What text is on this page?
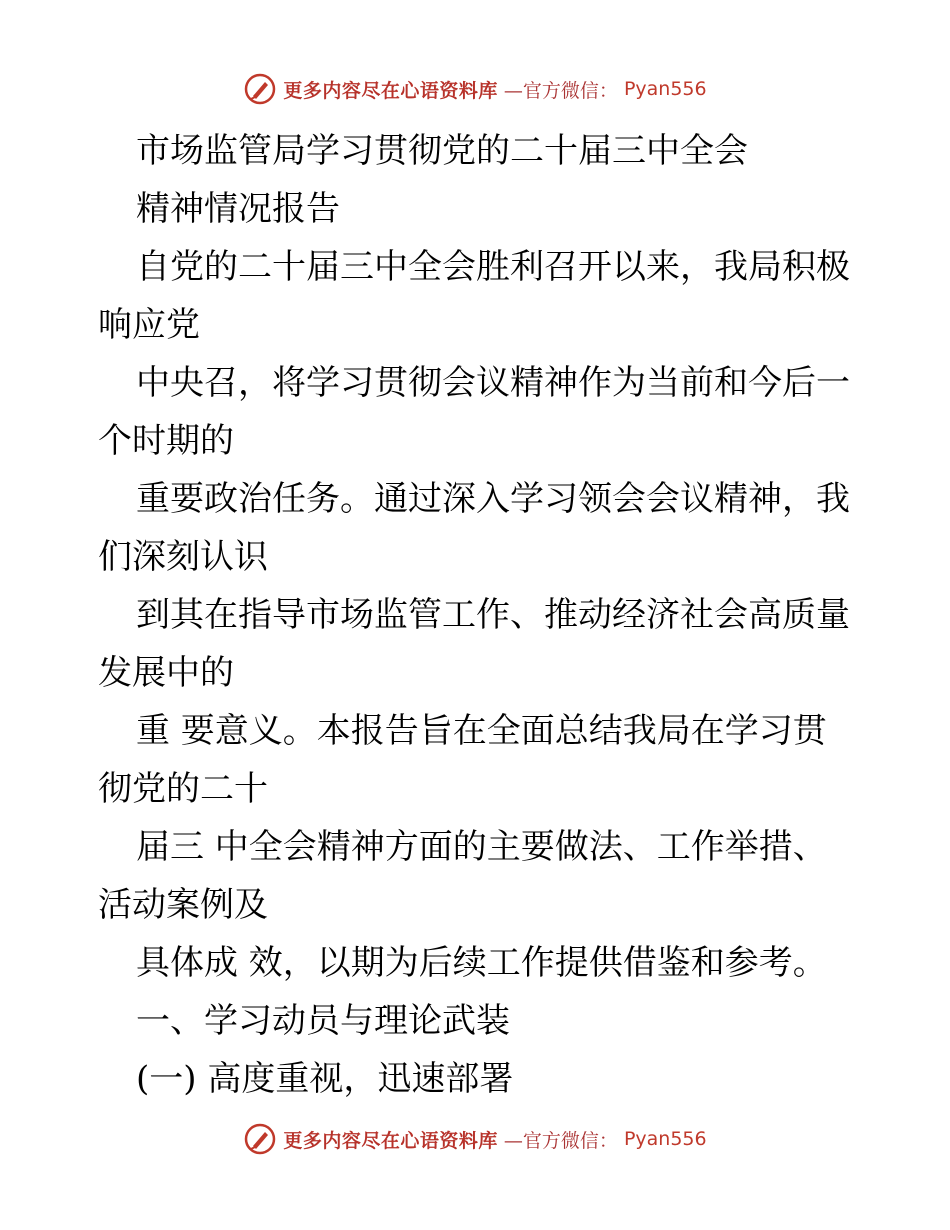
更多内容尽在心语资料库 —官方微信： Pyan556
市场监管局学习贯彻党的二十届三中全会
精神情况报告
自党的二十届三中全会胜利召开以来，我局积极
响应党
中央召，将学习贯彻会议精神作为当前和今后一
个时期的
重要政治任务。通过深入学习领会会议精神，我
们深刻认识
到其在指导市场监管工作、推动经济社会高质量
发展中的
重 要意义。本报告旨在全面总结我局在学习贯
彻党的二十
届三 中全会精神方面的主要做法、工作举措、
活动案例及
具体成 效，以期为后续工作提供借鉴和参考。
一、学习动员与理论武装
(一) 高度重视，迅速部署
更多内容尽在心语资料库 —官方微信： Pyan556
